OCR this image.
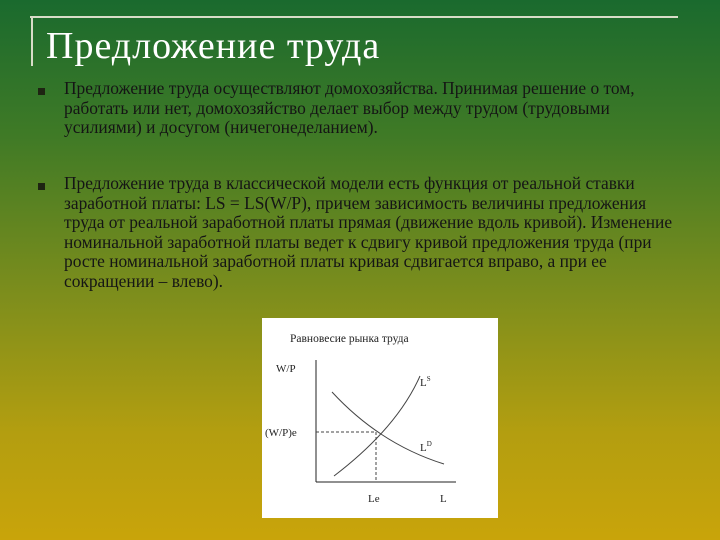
Предложение труда

Предложение труда осуществляют домохозяйства. Принимая решение о том, работать или нет, домохозяйство делает выбор между трудом (трудовыми усилиями) и досугом (ничегонеделанием).

Предложение труда в классической модели есть функция от реальной ставки заработной платы: LS = LS(W/P), причем зависимость величины предложения труда от реальной заработной платы прямая (движение вдоль кривой). Изменение номинальной заработной платы ведет к сдвигу кривой предложения труда (при росте номинальной заработной платы кривая сдвигается вправо, а при ее сокращении – влево).

Равновесие рынка труда
W/P
L
$L^S$
$L^D$
(W/P)e
Le
